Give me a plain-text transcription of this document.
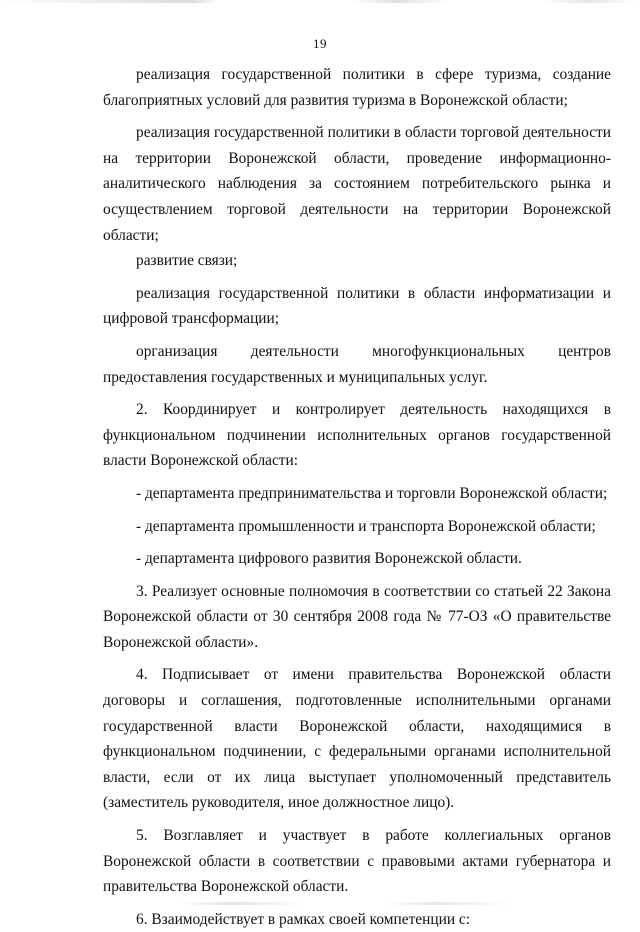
19

реализация государственной политики в сфере туризма, создание благоприятных условий для развития туризма в Воронежской области;

реализация государственной политики в области торговой деятельности на территории Воронежской области, проведение информационно-аналитического наблюдения за состоянием потребительского рынка и осуществлением торговой деятельности на территории Воронежской области;

развитие связи;

реализация государственной политики в области информатизации и цифровой трансформации;

организация деятельности многофункциональных центров предоставления государственных и муниципальных услуг.

2. Координирует и контролирует деятельность находящихся в функциональном подчинении исполнительных органов государственной власти Воронежской области:

- департамента предпринимательства и торговли Воронежской области;

- департамента промышленности и транспорта Воронежской области;

- департамента цифрового развития Воронежской области.

3. Реализует основные полномочия в соответствии со статьей 22 Закона Воронежской области от 30 сентября 2008 года № 77-ОЗ «О правительстве Воронежской области».

4. Подписывает от имени правительства Воронежской области договоры и соглашения, подготовленные исполнительными органами государственной власти Воронежской области, находящимися в функциональном подчинении, с федеральными органами исполнительной власти, если от их лица выступает уполномоченный представитель (заместитель руководителя, иное должностное лицо).

5. Возглавляет и участвует в работе коллегиальных органов Воронежской области в соответствии с правовыми актами губернатора и правительства Воронежской области.

6. Взаимодействует в рамках своей компетенции с:
